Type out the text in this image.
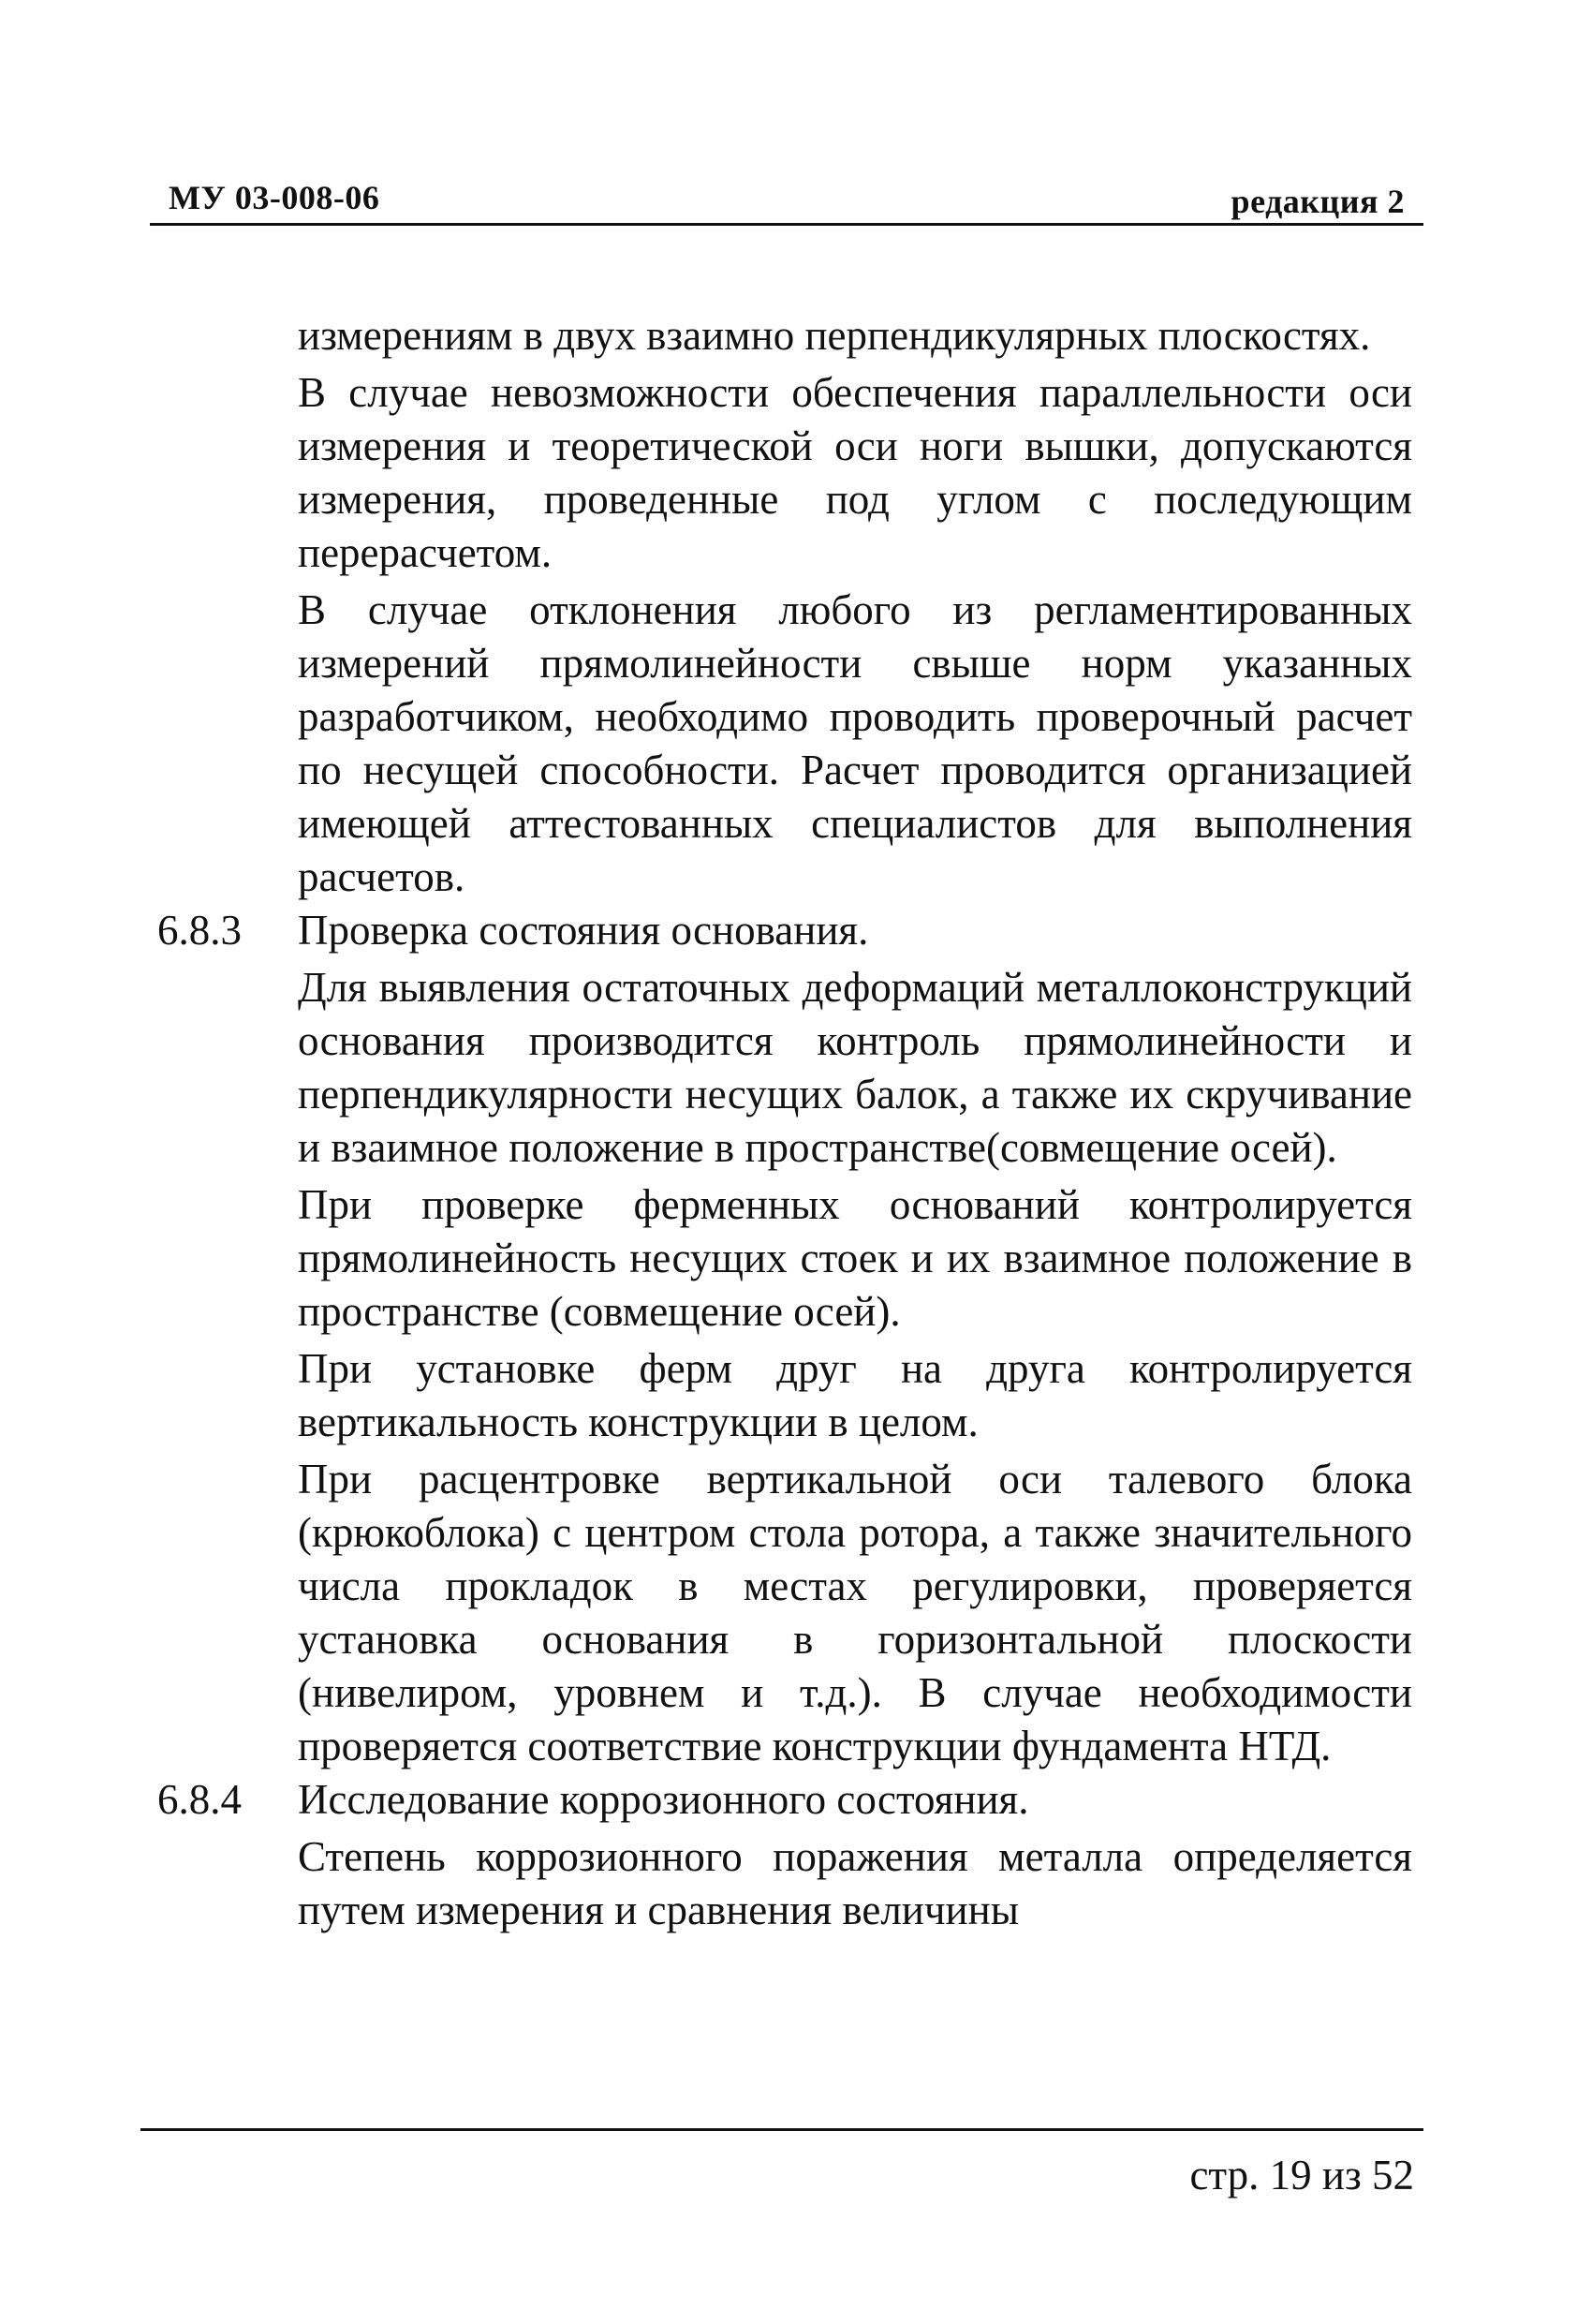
МУ 03-008-06	редакция 2

измерениям в двух взаимно перпендикулярных плоскостях.

В случае невозможности обеспечения параллельности оси измерения и теоретической оси ноги вышки, допускаются измерения, проведенные под углом с последующим перерасчетом.

В случае отклонения любого из регламентированных измерений прямолинейности свыше норм указанных разработчиком, необходимо проводить проверочный расчет по несущей способности. Расчет проводится организацией имеющей аттестованных специалистов для выполнения расчетов.

6.8.3 Проверка состояния основания.

Для выявления остаточных деформаций металлоконструкций основания производится контроль прямолинейности и перпендикулярности несущих балок, а также их скручивание и взаимное положение в пространстве(совмещение осей).

При проверке ферменных оснований контролируется прямолинейность несущих стоек и их взаимное положение в пространстве (совмещение осей).

При установке ферм друг на друга контролируется вертикальность конструкции в целом.

При расцентровке вертикальной оси талевого блока (крюкоблока) с центром стола ротора, а также значительного числа прокладок в местах регулировки, проверяется установка основания в горизонтальной плоскости (нивелиром, уровнем и т.д.). В случае необходимости проверяется соответствие конструкции фундамента НТД.

6.8.4 Исследование коррозионного состояния.

Степень коррозионного поражения металла определяется путем измерения и сравнения величины

стр. 19 из 52
